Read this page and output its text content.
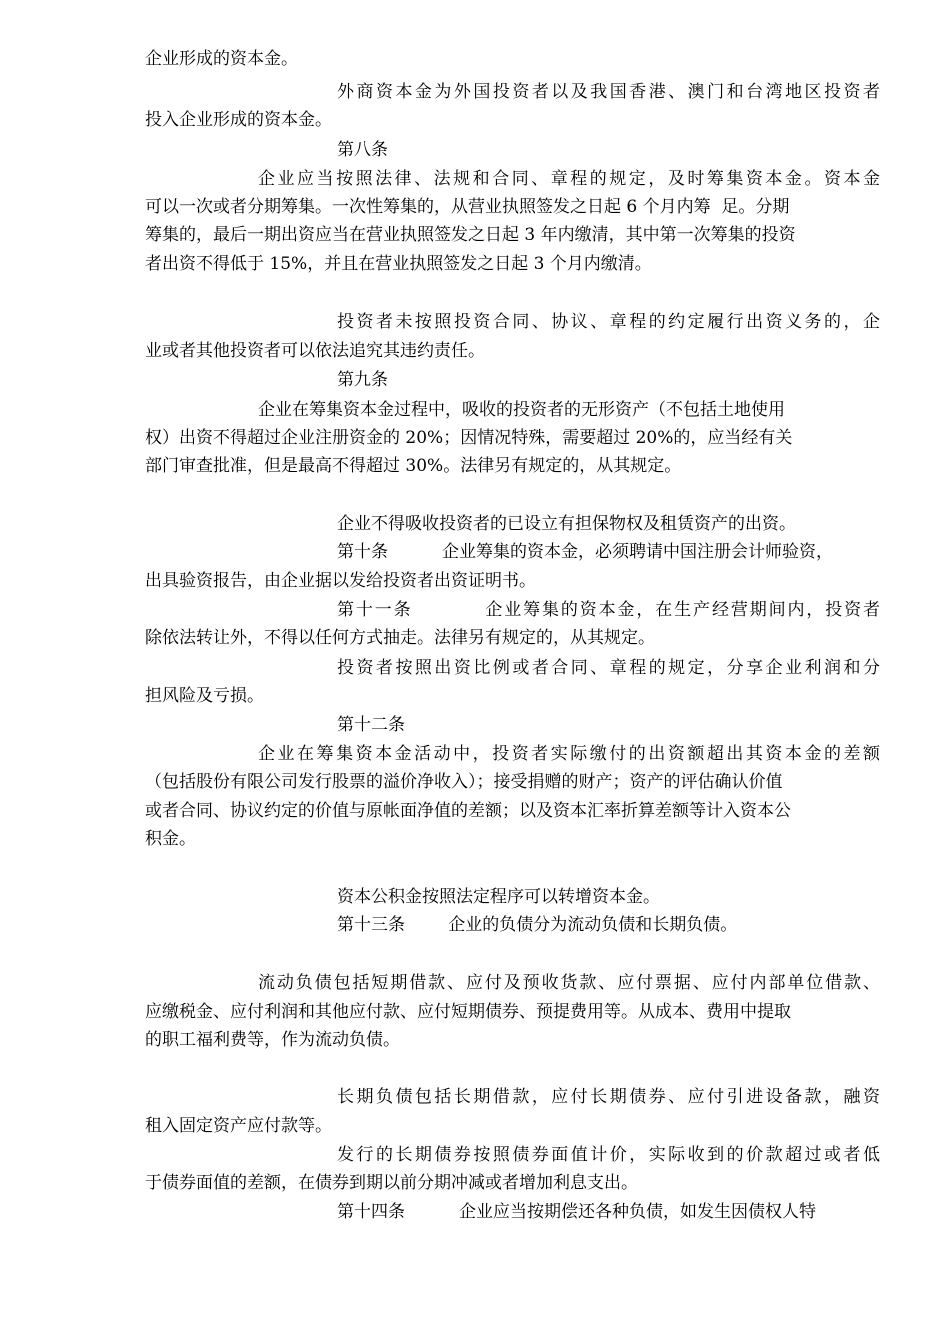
企业形成的资本金。
外商资本金为外国投资者以及我国香港、澳门和台湾地区投资者
投入企业形成的资本金。
第八条
企业应当按照法律、法规和合同、章程的规定，及时筹集资本金。资本金
可以一次或者分期筹集。一次性筹集的，从营业执照签发之日起 6 个月内筹  足。分期
筹集的，最后一期出资应当在营业执照签发之日起 3 年内缴清，其中第一次筹集的投资
者出资不得低于 15%，并且在营业执照签发之日起 3 个月内缴清。
投资者未按照投资合同、协议、章程的约定履行出资义务的，企
业或者其他投资者可以依法追究其违约责任。
第九条
企业在筹集资本金过程中，吸收的投资者的无形资产（不包括土地使用
权）出资不得超过企业注册资金的 20%；因情况特殊，需要超过 20%的，应当经有关
部门审查批准，但是最高不得超过 30%。法律另有规定的，从其规定。
企业不得吸收投资者的已设立有担保物权及租赁资产的出资。
第十条          企业筹集的资本金，必须聘请中国注册会计师验资，
出具验资报告，由企业据以发给投资者出资证明书。
第十一条          企业筹集的资本金，在生产经营期间内，投资者
除依法转让外，不得以任何方式抽走。法律另有规定的，从其规定。
投资者按照出资比例或者合同、章程的规定，分享企业利润和分
担风险及亏损。
第十二条
企业在筹集资本金活动中，投资者实际缴付的出资额超出其资本金的差额
（包括股份有限公司发行股票的溢价净收入）；接受捐赠的财产；资产的评估确认价值
或者合同、协议约定的价值与原帐面净值的差额；以及资本汇率折算差额等计入资本公
积金。
资本公积金按照法定程序可以转增资本金。
第十三条        企业的负债分为流动负债和长期负债。
流动负债包括短期借款、应付及预收货款、应付票据、应付内部单位借款、
应缴税金、应付利润和其他应付款、应付短期债券、预提费用等。从成本、费用中提取
的职工福利费等，作为流动负债。
长期负债包括长期借款，应付长期债券、应付引进设备款，融资
租入固定资产应付款等。
发行的长期债券按照债券面值计价，实际收到的价款超过或者低
于债券面值的差额，在债券到期以前分期冲减或者增加利息支出。
第十四条          企业应当按期偿还各种负债，如发生因债权人特
